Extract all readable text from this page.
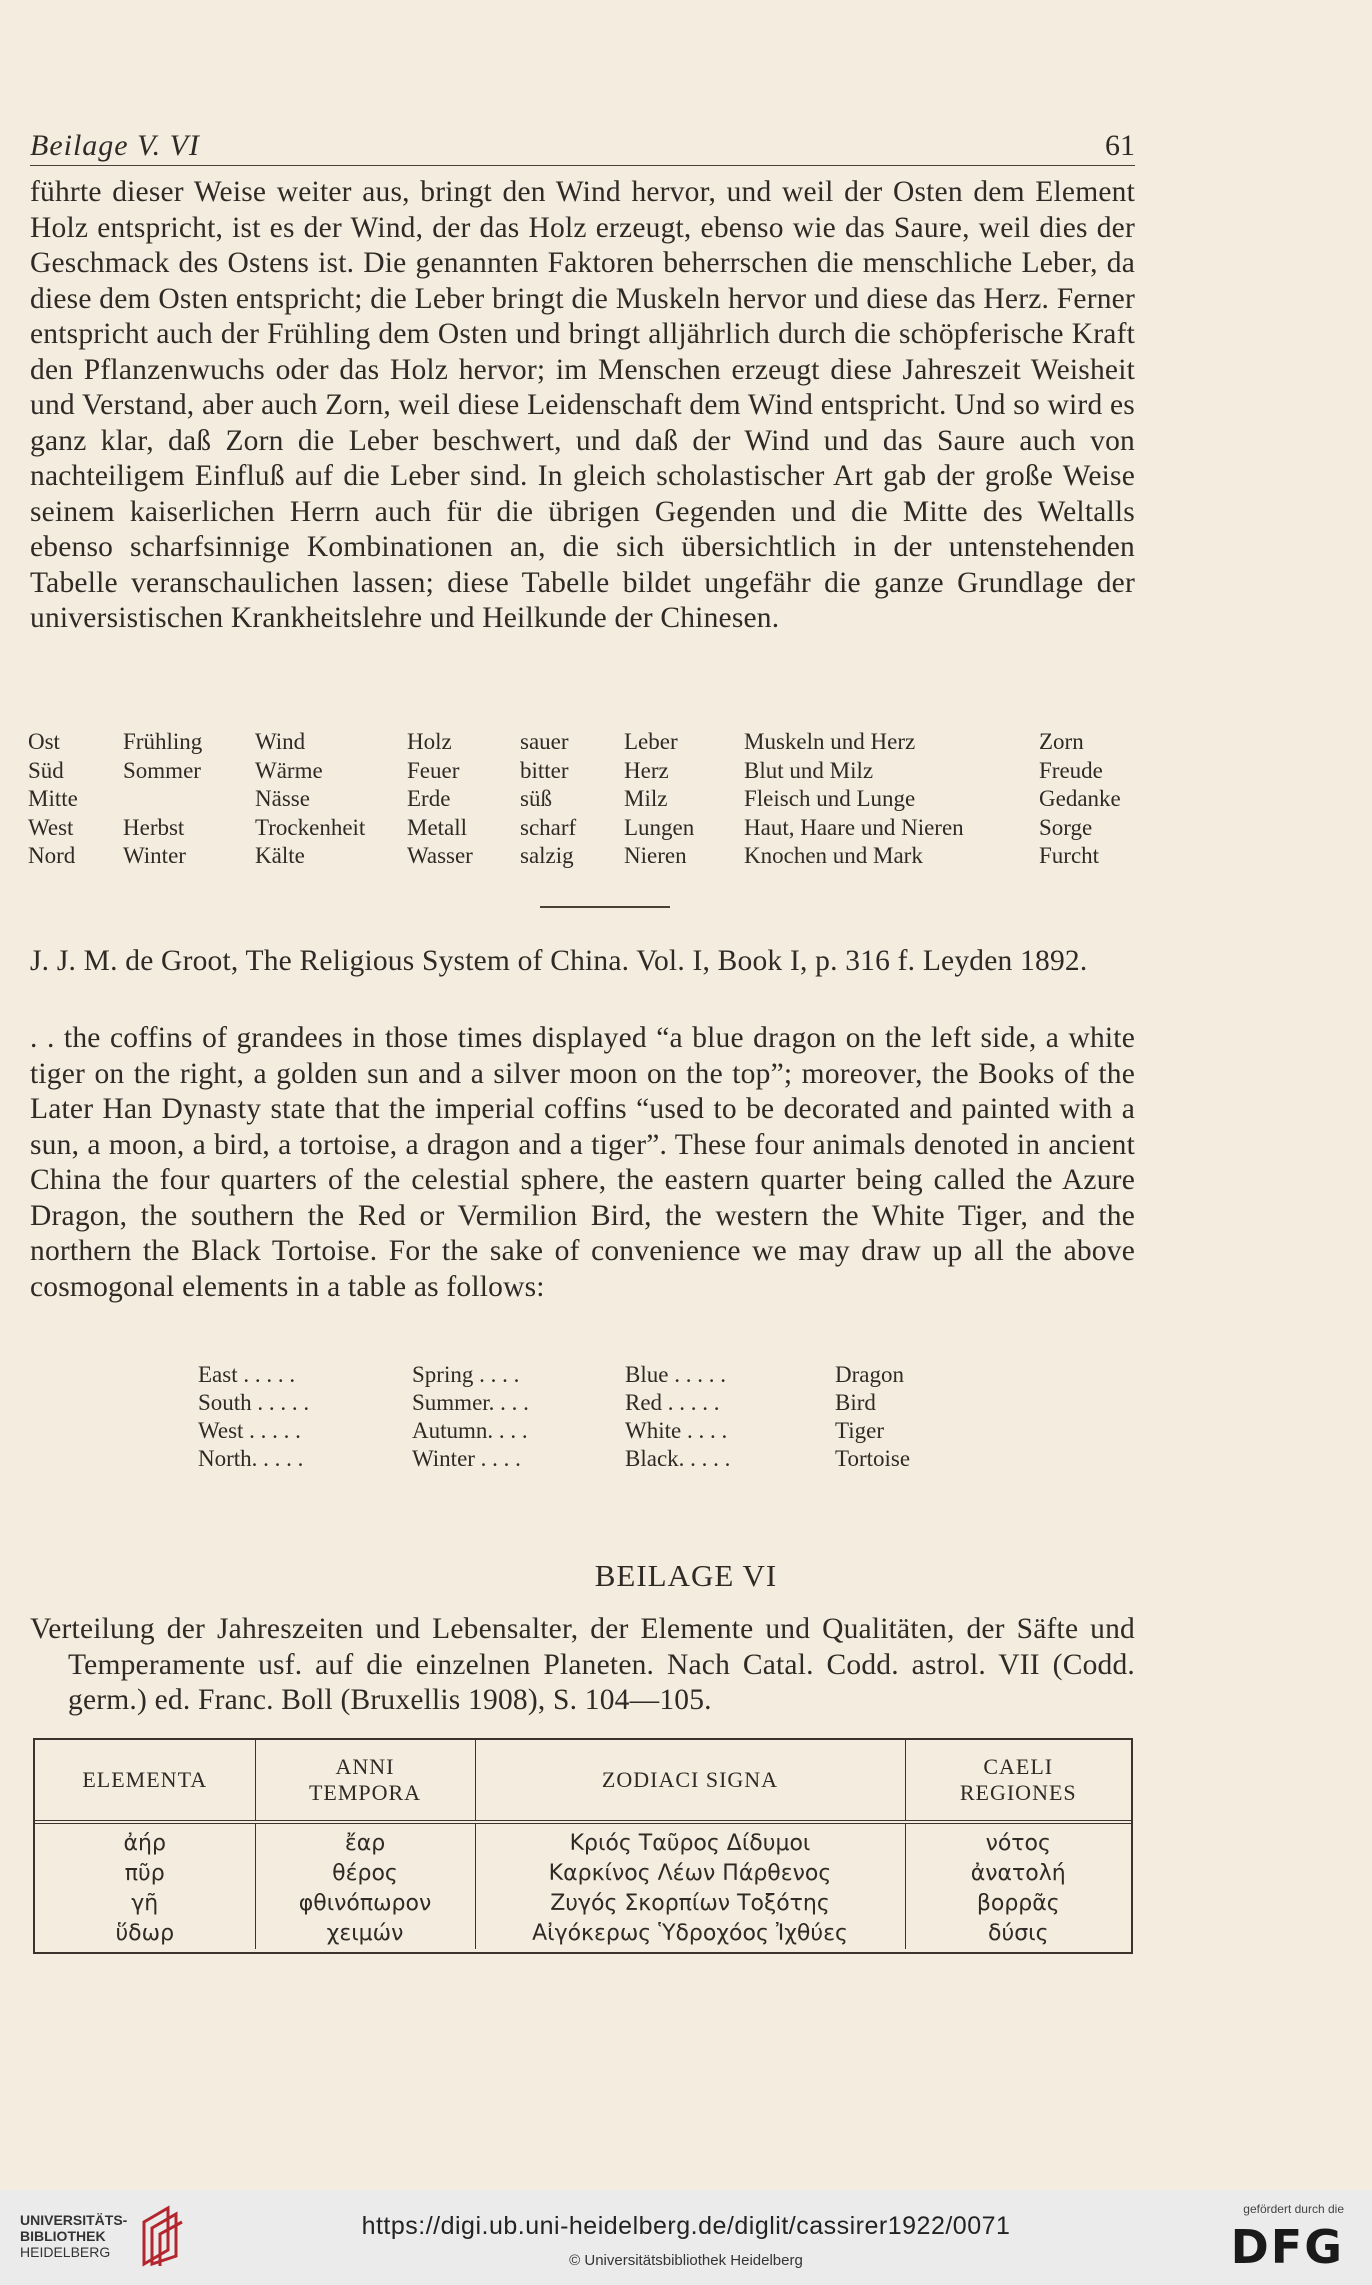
Beilage V. VI	61
führte dieser Weise weiter aus, bringt den Wind hervor, und weil der Osten dem Element Holz entspricht, ist es der Wind, der das Holz erzeugt, ebenso wie das Saure, weil dies der Geschmack des Ostens ist. Die genannten Faktoren beherrschen die menschliche Leber, da diese dem Osten entspricht; die Leber bringt die Muskeln hervor und diese das Herz. Ferner entspricht auch der Frühling dem Osten und bringt alljährlich durch die schöpferische Kraft den Pflanzenwuchs oder das Holz hervor; im Menschen erzeugt diese Jahreszeit Weisheit und Verstand, aber auch Zorn, weil diese Leidenschaft dem Wind entspricht. Und so wird es ganz klar, daß Zorn die Leber beschwert, und daß der Wind und das Saure auch von nachteiligem Einfluß auf die Leber sind. In gleich scholastischer Art gab der große Weise seinem kaiserlichen Herrn auch für die übrigen Gegenden und die Mitte des Weltalls ebenso scharfsinnige Kombinationen an, die sich übersichtlich in der untenstehenden Tabelle veranschaulichen lassen; diese Tabelle bildet ungefähr die ganze Grundlage der universistischen Krankheitslehre und Heilkunde der Chinesen.
Ost	Frühling	Wind	Holz	sauer	Leber	Muskeln und Herz	Zorn
Süd	Sommer	Wärme	Feuer	bitter	Herz	Blut und Milz	Freude
Mitte		Nässe	Erde	süß	Milz	Fleisch und Lunge	Gedanke
West	Herbst	Trockenheit	Metall	scharf	Lungen	Haut, Haare und Nieren	Sorge
Nord	Winter	Kälte	Wasser	salzig	Nieren	Knochen und Mark	Furcht
J. J. M. de Groot, The Religious System of China. Vol. I, Book I, p. 316 f. Leyden 1892.
. . the coffins of grandees in those times displayed “a blue dragon on the left side, a white tiger on the right, a golden sun and a silver moon on the top”; moreover, the Books of the Later Han Dynasty state that the imperial coffins “used to be decorated and painted with a sun, a moon, a bird, a tortoise, a dragon and a tiger”. These four animals denoted in ancient China the four quarters of the celestial sphere, the eastern quarter being called the Azure Dragon, the southern the Red or Vermilion Bird, the western the White Tiger, and the northern the Black Tortoise. For the sake of convenience we may draw up all the above cosmogonal elements in a table as follows:
East . . . . .	Spring . . . .	Blue . . . . .	Dragon
South . . . . .	Summer. . . .	Red . . . . .	Bird
West . . . . .	Autumn. . . .	White . . . .	Tiger
North. . . . .	Winter . . . .	Black. . . . .	Tortoise
BEILAGE VI
Verteilung der Jahreszeiten und Lebensalter, der Elemente und Qualitäten, der Säfte und Temperamente usf. auf die einzelnen Planeten. Nach Catal. Codd. astrol. VII (Codd. germ.) ed. Franc. Boll (Bruxellis 1908), S. 104—105.
ELEMENTA	ANNI TEMPORA	ZODIACI SIGNA	CAELI REGIONES
ἀήρ	ἔαρ	Κριός Ταῦρος Δίδυμοι	νότος
πῦρ	θέρος	Καρκίνος Λέων Πάρθενος	ἀνατολή
γῆ	φθινόπωρον	Ζυγός Σκορπίων Τοξότης	βορρᾶς
ὕδωρ	χειμών	Αἰγόκερως Ὑδροχόος Ἰχθύες	δύσις
UNIVERSITÄTS-
BIBLIOTHEK
HEIDELBERG
https://digi.ub.uni-heidelberg.de/diglit/cassirer1922/0071
© Universitätsbibliothek Heidelberg
gefördert durch die
DFG
